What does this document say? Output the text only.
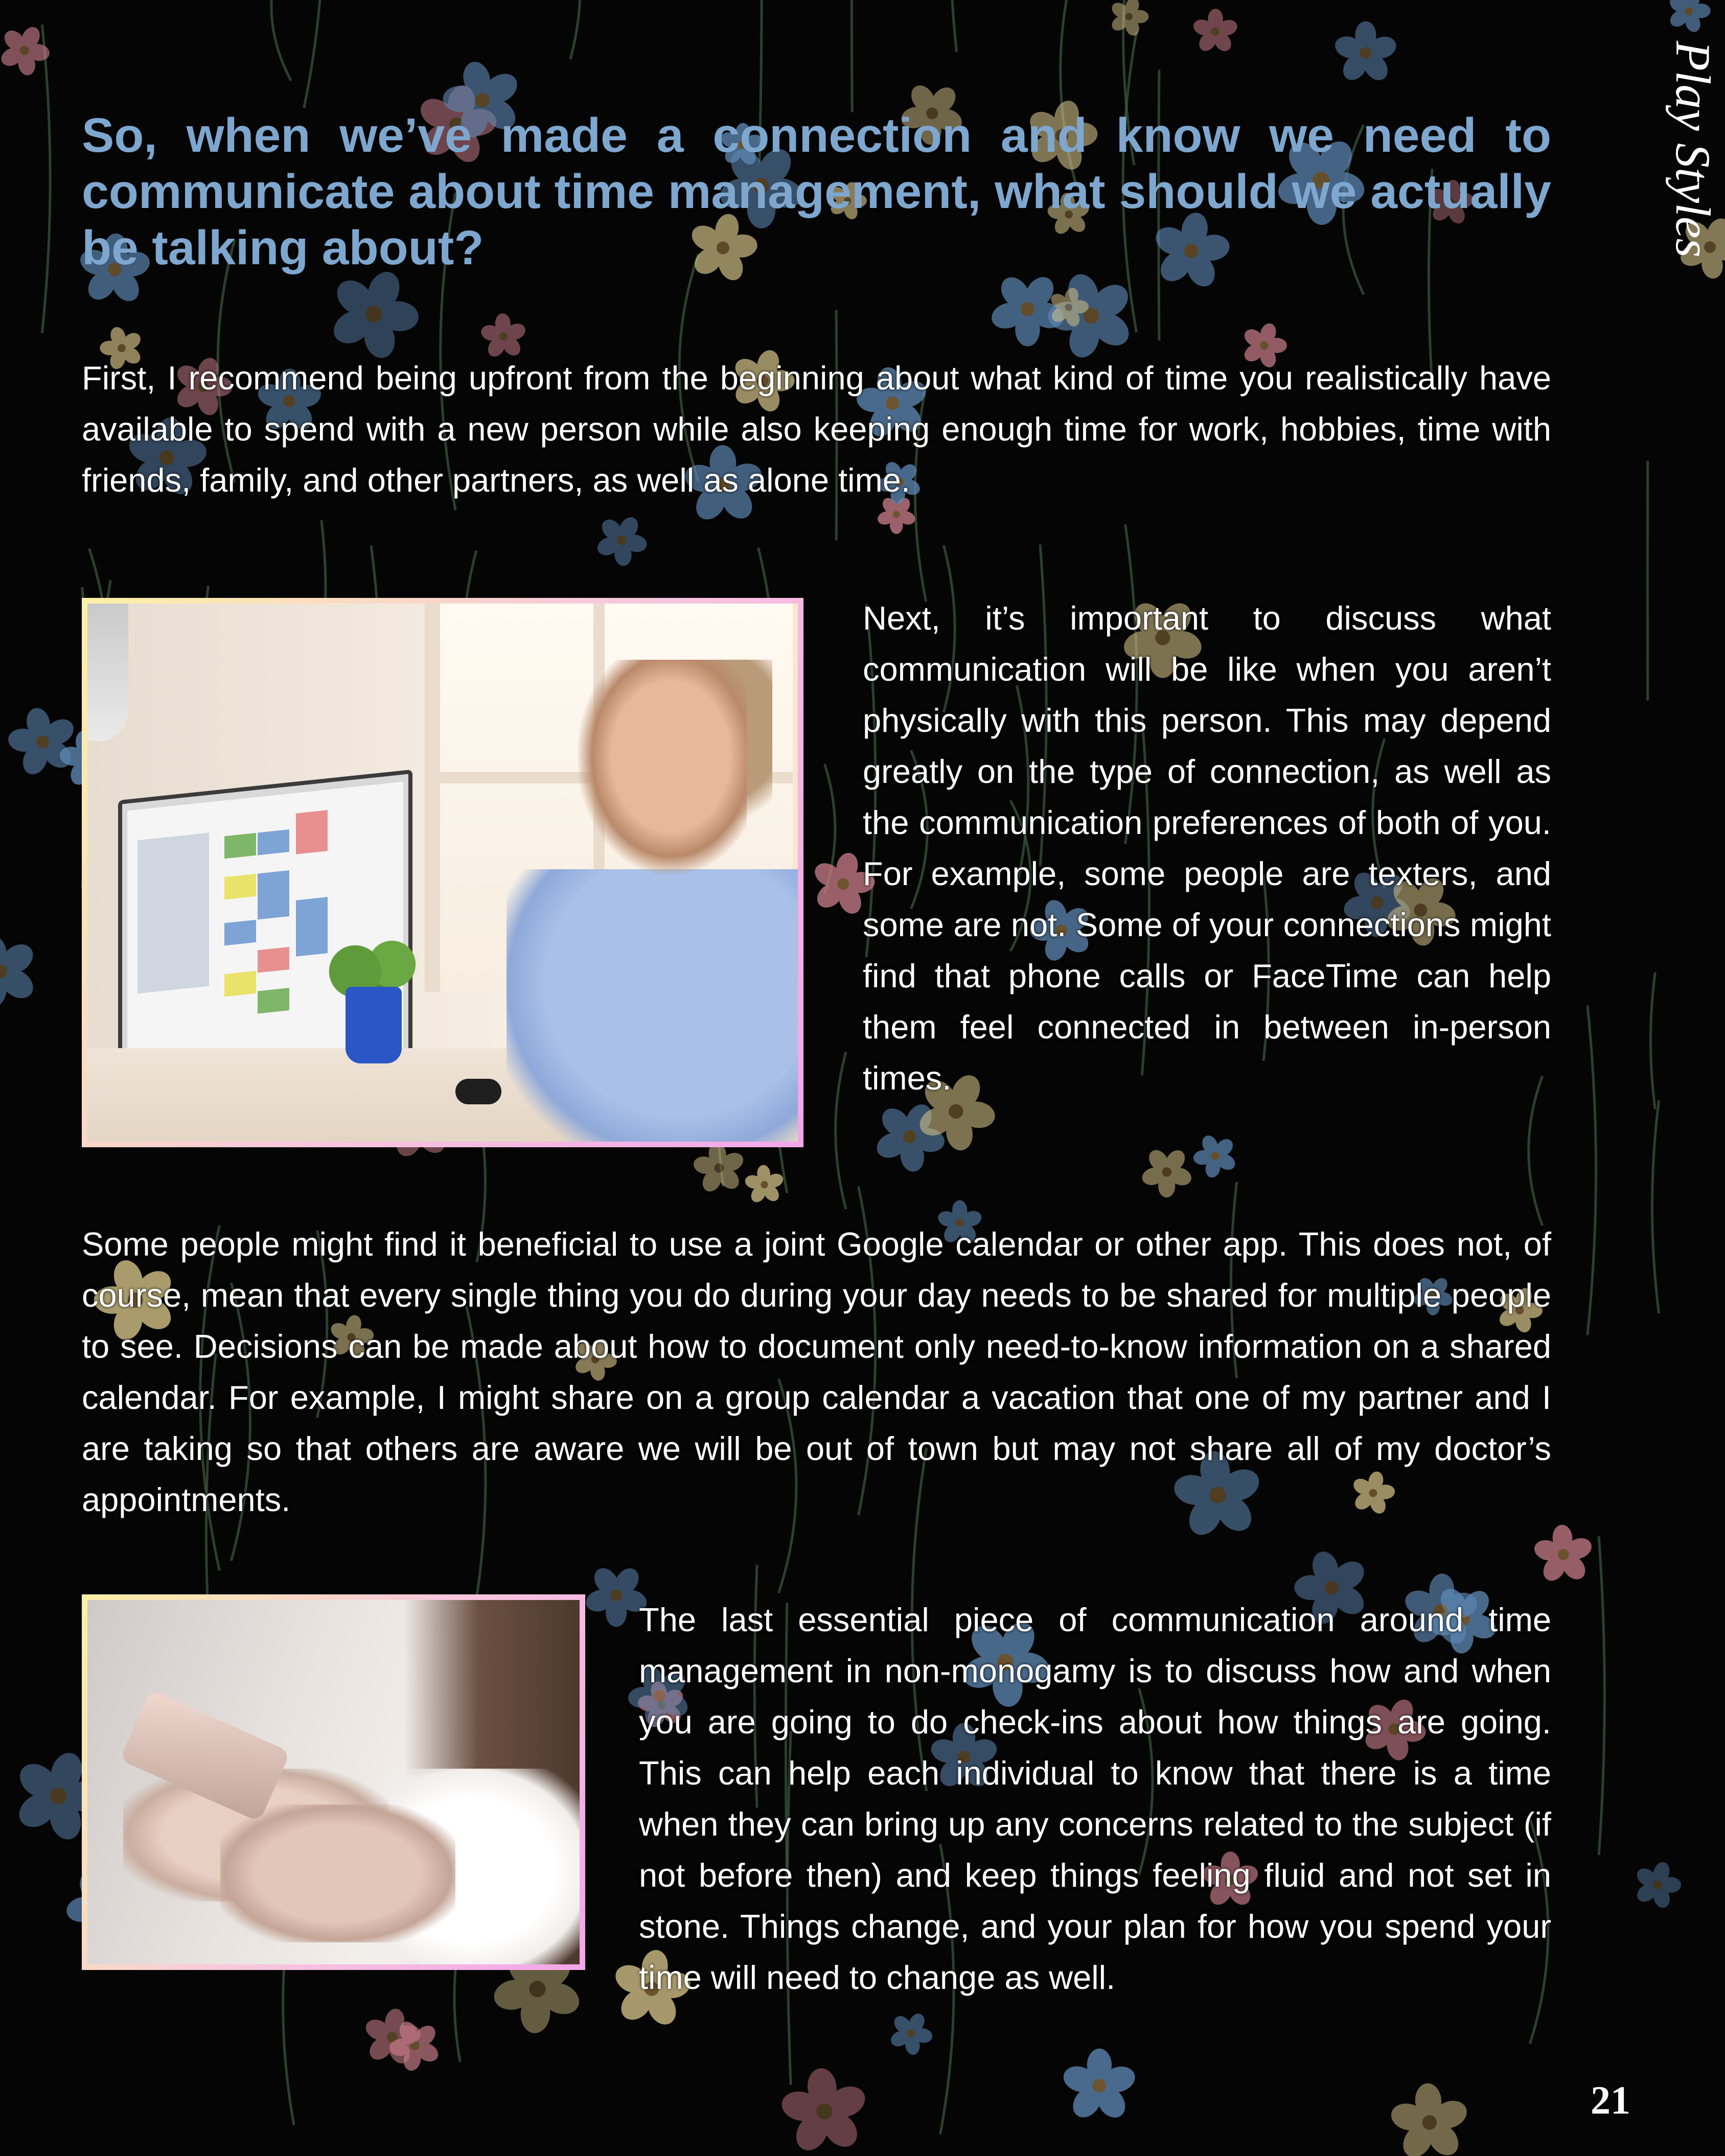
Play Styles
So, when we’ve made a connection and know we need to communicate about time management, what should we actually be talking about?

First, I recommend being upfront from the beginning about what kind of time you realistically have available to spend with a new person while also keeping enough time for work, hobbies, time with friends, family, and other partners, as well as alone time.

Next, it’s important to discuss what communication will be like when you aren’t physically with this person. This may depend greatly on the type of connection, as well as the communication preferences of both of you. For example, some people are texters, and some are not. Some of your connections might find that phone calls or FaceTime can help them feel connected in between in-person times.

Some people might find it beneficial to use a joint Google calendar or other app. This does not, of course, mean that every single thing you do during your day needs to be shared for multiple people to see. Decisions can be made about how to document only need-to-know information on a shared calendar. For example, I might share on a group calendar a vacation that one of my partner and I are taking so that others are aware we will be out of town but may not share all of my doctor’s appointments.

The last essential piece of communication around time management in non-monogamy is to discuss how and when you are going to do check-ins about how things are going. This can help each individual to know that there is a time when they can bring up any concerns related to the subject (if not before then) and keep things feeling fluid and not set in stone. Things change, and your plan for how you spend your time will need to change as well.

21
